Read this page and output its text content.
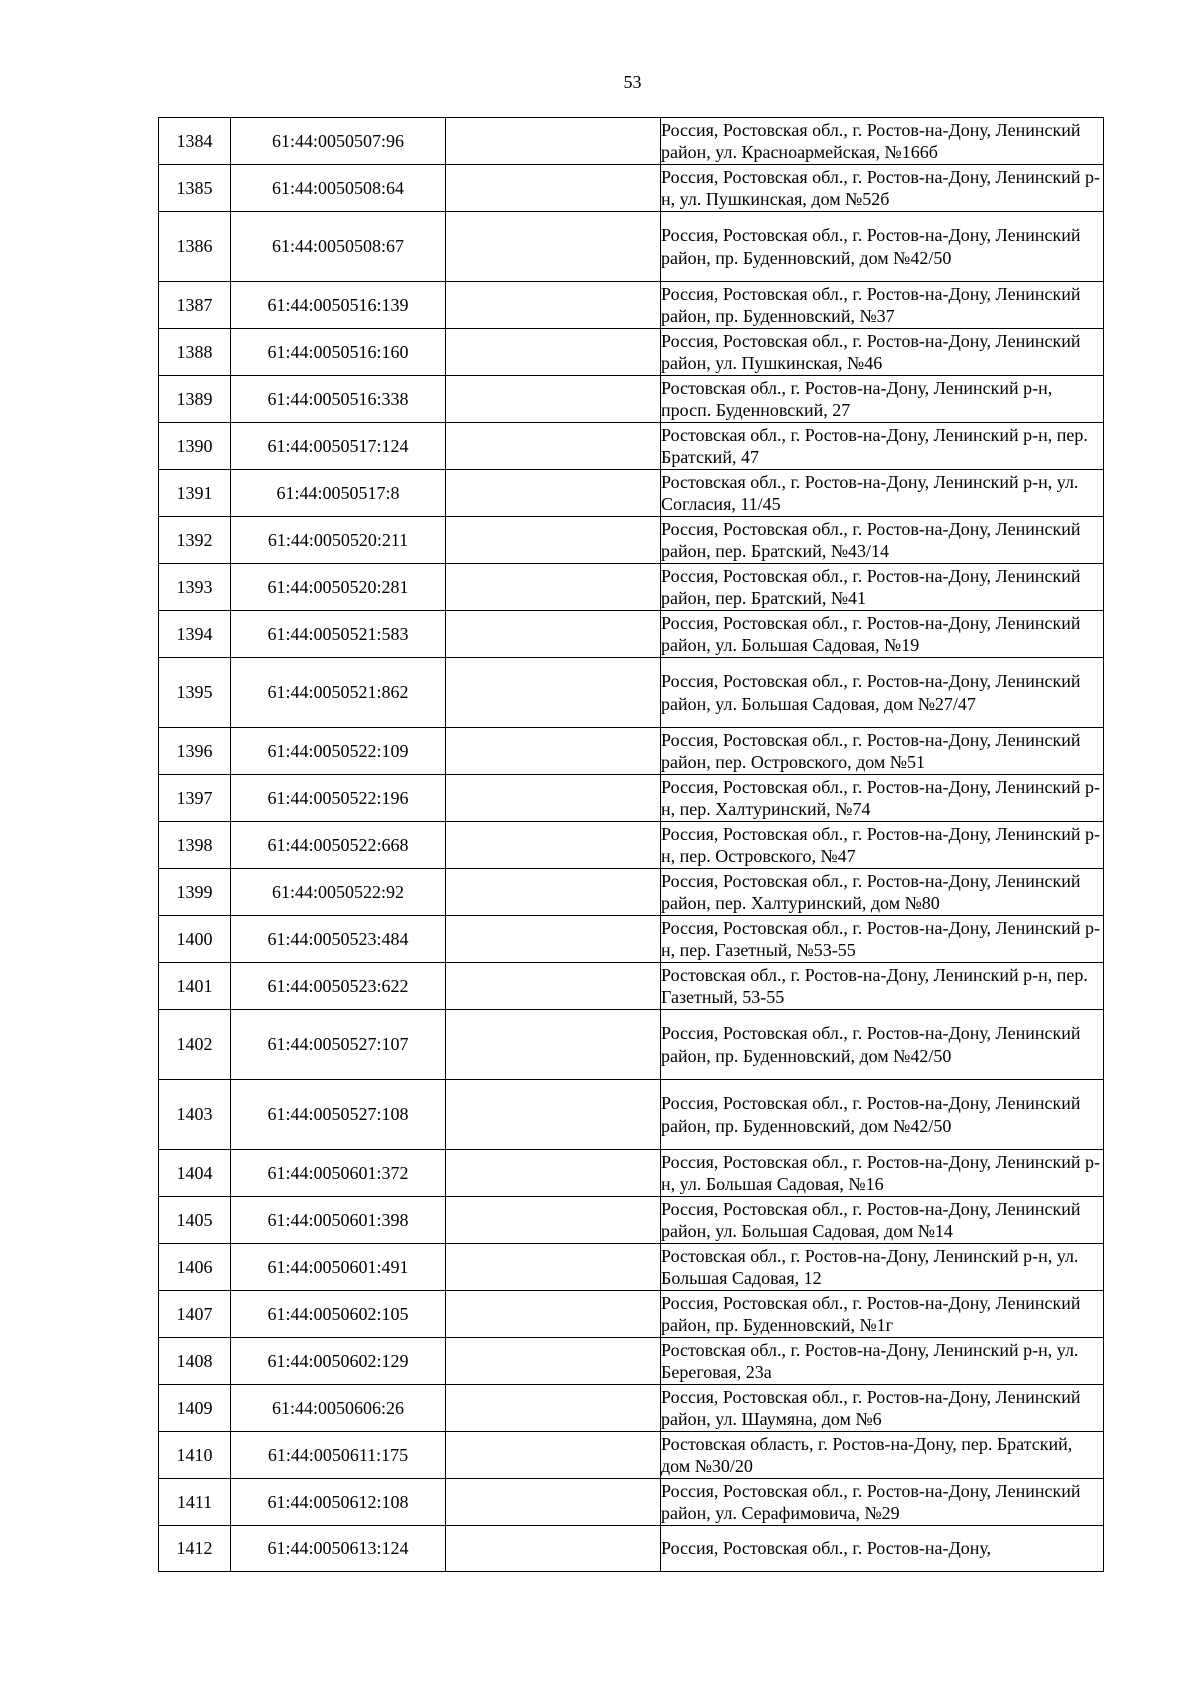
53
1384	61:44:0050507:96		Россия, Ростовская обл., г. Ростов-на-Дону, Ленинский район, ул. Красноармейская, №166б
1385	61:44:0050508:64		Россия, Ростовская обл., г. Ростов-на-Дону, Ленинский р-н, ул. Пушкинская, дом №52б
1386	61:44:0050508:67		Россия, Ростовская обл., г. Ростов-на-Дону, Ленинский район, пр. Буденновский, дом №42/50
1387	61:44:0050516:139		Россия, Ростовская обл., г. Ростов-на-Дону, Ленинский район, пр. Буденновский, №37
1388	61:44:0050516:160		Россия, Ростовская обл., г. Ростов-на-Дону, Ленинский район, ул. Пушкинская, №46
1389	61:44:0050516:338		Ростовская обл., г. Ростов-на-Дону, Ленинский р-н, просп. Буденновский, 27
1390	61:44:0050517:124		Ростовская обл., г. Ростов-на-Дону, Ленинский р-н, пер. Братский, 47
1391	61:44:0050517:8		Ростовская обл., г. Ростов-на-Дону, Ленинский р-н, ул. Согласия, 11/45
1392	61:44:0050520:211		Россия, Ростовская обл., г. Ростов-на-Дону, Ленинский район, пер. Братский, №43/14
1393	61:44:0050520:281		Россия, Ростовская обл., г. Ростов-на-Дону, Ленинский район, пер. Братский, №41
1394	61:44:0050521:583		Россия, Ростовская обл., г. Ростов-на-Дону, Ленинский район, ул. Большая Садовая, №19
1395	61:44:0050521:862		Россия, Ростовская обл., г. Ростов-на-Дону, Ленинский район, ул. Большая Садовая, дом №27/47
1396	61:44:0050522:109		Россия, Ростовская обл., г. Ростов-на-Дону, Ленинский район, пер. Островского, дом №51
1397	61:44:0050522:196		Россия, Ростовская обл., г. Ростов-на-Дону, Ленинский р-н, пер. Халтуринский, №74
1398	61:44:0050522:668		Россия, Ростовская обл., г. Ростов-на-Дону, Ленинский р-н, пер. Островского, №47
1399	61:44:0050522:92		Россия, Ростовская обл., г. Ростов-на-Дону, Ленинский район, пер. Халтуринский, дом №80
1400	61:44:0050523:484		Россия, Ростовская обл., г. Ростов-на-Дону, Ленинский р-н, пер. Газетный, №53-55
1401	61:44:0050523:622		Ростовская обл., г. Ростов-на-Дону, Ленинский р-н, пер. Газетный, 53-55
1402	61:44:0050527:107		Россия, Ростовская обл., г. Ростов-на-Дону, Ленинский район, пр. Буденновский, дом №42/50
1403	61:44:0050527:108		Россия, Ростовская обл., г. Ростов-на-Дону, Ленинский район, пр. Буденновский, дом №42/50
1404	61:44:0050601:372		Россия, Ростовская обл., г. Ростов-на-Дону, Ленинский р-н, ул. Большая Садовая, №16
1405	61:44:0050601:398		Россия, Ростовская обл., г. Ростов-на-Дону, Ленинский район, ул. Большая Садовая, дом №14
1406	61:44:0050601:491		Ростовская обл., г. Ростов-на-Дону, Ленинский р-н, ул. Большая Садовая, 12
1407	61:44:0050602:105		Россия, Ростовская обл., г. Ростов-на-Дону, Ленинский район, пр. Буденновский, №1г
1408	61:44:0050602:129		Ростовская обл., г. Ростов-на-Дону, Ленинский р-н, ул. Береговая, 23а
1409	61:44:0050606:26		Россия, Ростовская обл., г. Ростов-на-Дону, Ленинский район, ул. Шаумяна, дом №6
1410	61:44:0050611:175		Ростовская область, г. Ростов-на-Дону, пер. Братский, дом №30/20
1411	61:44:0050612:108		Россия, Ростовская обл., г. Ростов-на-Дону, Ленинский район, ул. Серафимовича, №29
1412	61:44:0050613:124		Россия, Ростовская обл., г. Ростов-на-Дону,
